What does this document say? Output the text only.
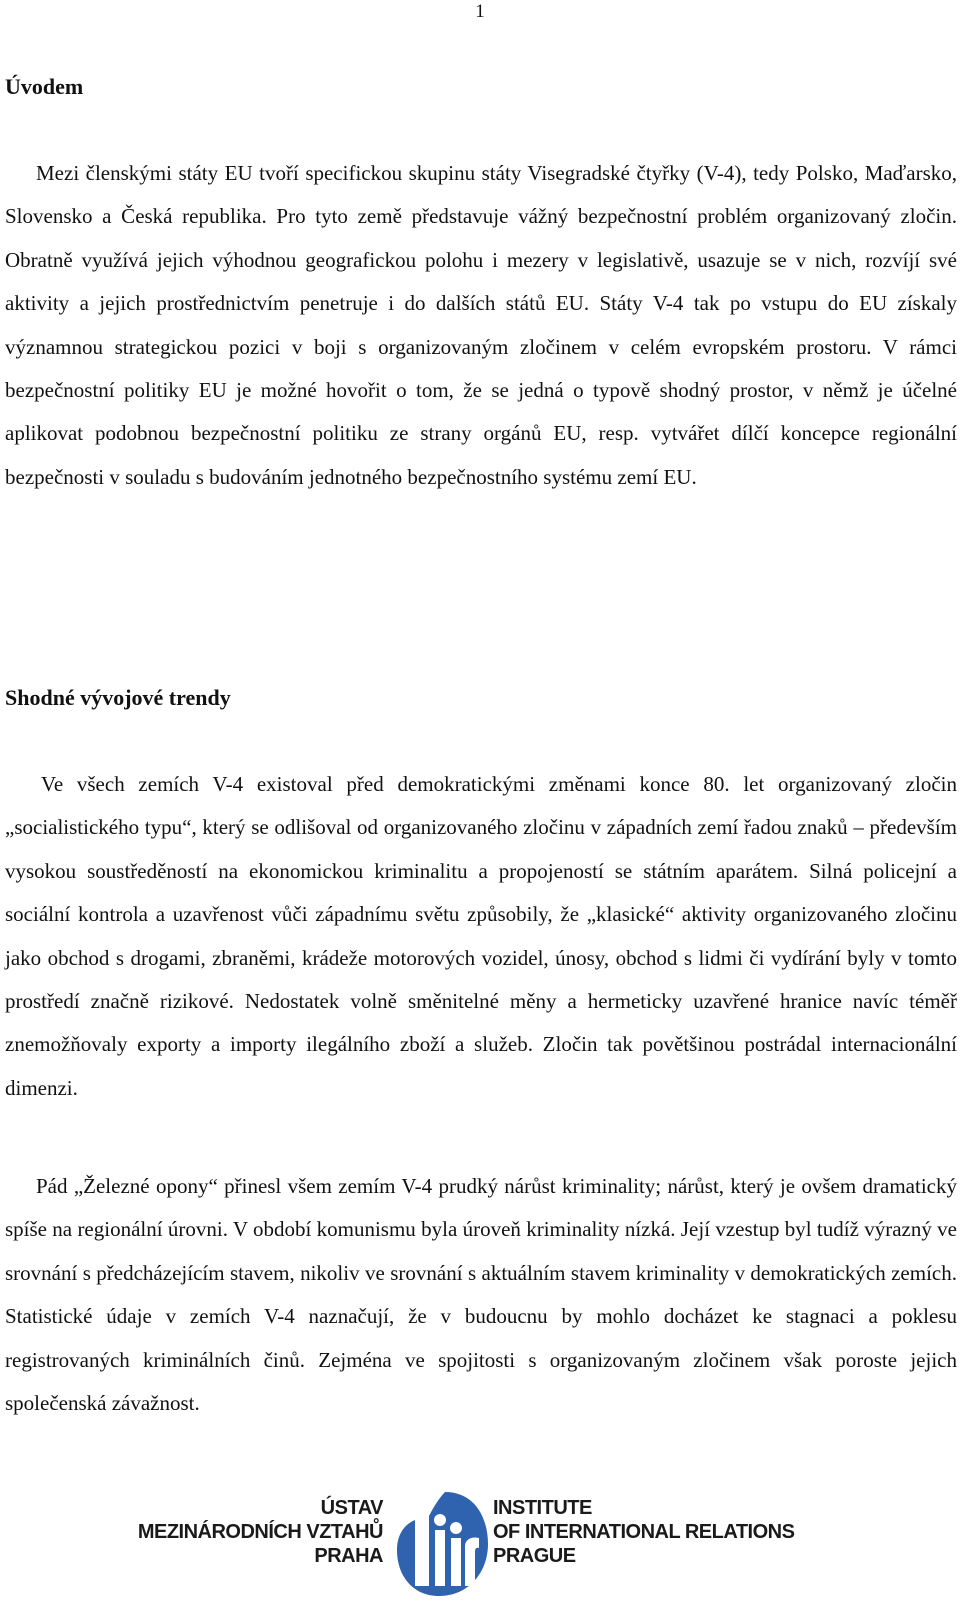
1
Úvodem

Mezi členskými státy EU tvoří specifickou skupinu státy Visegradské čtyřky (V-4), tedy Polsko, Maďarsko, Slovensko a Česká republika. Pro tyto země představuje vážný bezpečnostní problém organizovaný zločin. Obratně využívá jejich výhodnou geografickou polohu i mezery v legislativě, usazuje se v nich, rozvíjí své aktivity a jejich prostřednictvím penetruje i do dalších států EU. Státy V-4 tak po vstupu do EU získaly významnou strategickou pozici v boji s organizovaným zločinem v celém evropském prostoru. V rámci bezpečnostní politiky EU je možné hovořit o tom, že se jedná o typově shodný prostor, v němž je účelné aplikovat podobnou bezpečnostní politiku ze strany orgánů EU, resp. vytvářet dílčí koncepce regionální bezpečnosti v souladu s budováním jednotného bezpečnostního systému zemí EU.

Shodné vývojové trendy

Ve všech zemích V-4 existoval před demokratickými změnami konce 80. let organizovaný zločin „socialistického typu“, který se odlišoval od organizovaného zločinu v západních zemí řadou znaků – především vysokou soustředěností na ekonomickou kriminalitu a propojeností se státním aparátem. Silná policejní a sociální kontrola a uzavřenost vůči západnímu světu způsobily, že „klasické“ aktivity organizovaného zločinu jako obchod s drogami, zbraněmi, krádeže motorových vozidel, únosy, obchod s lidmi či vydírání byly v tomto prostředí značně rizikové. Nedostatek volně směnitelné měny a hermeticky uzavřené hranice navíc téměř znemožňovaly exporty a importy ilegálního zboží a služeb. Zločin tak povětšinou postrádal internacionální dimenzi.

Pád „Železné opony“ přinesl všem zemím V-4 prudký nárůst kriminality; nárůst, který je ovšem dramatický spíše na regionální úrovni. V období komunismu byla úroveň kriminality nízká. Její vzestup byl tudíž výrazný ve srovnání s předcházejícím stavem, nikoliv ve srovnání s aktuálním stavem kriminality v demokratických zemích. Statistické údaje v zemích V-4 naznačují, že v budoucnu by mohlo docházet ke stagnaci a poklesu registrovaných kriminálních činů. Zejména ve spojitosti s organizovaným zločinem však poroste jejich společenská závažnost.

ÚSTAV
MEZINÁRODNÍCH VZTAHŮ
PRAHA
INSTITUTE
OF INTERNATIONAL RELATIONS
PRAGUE
